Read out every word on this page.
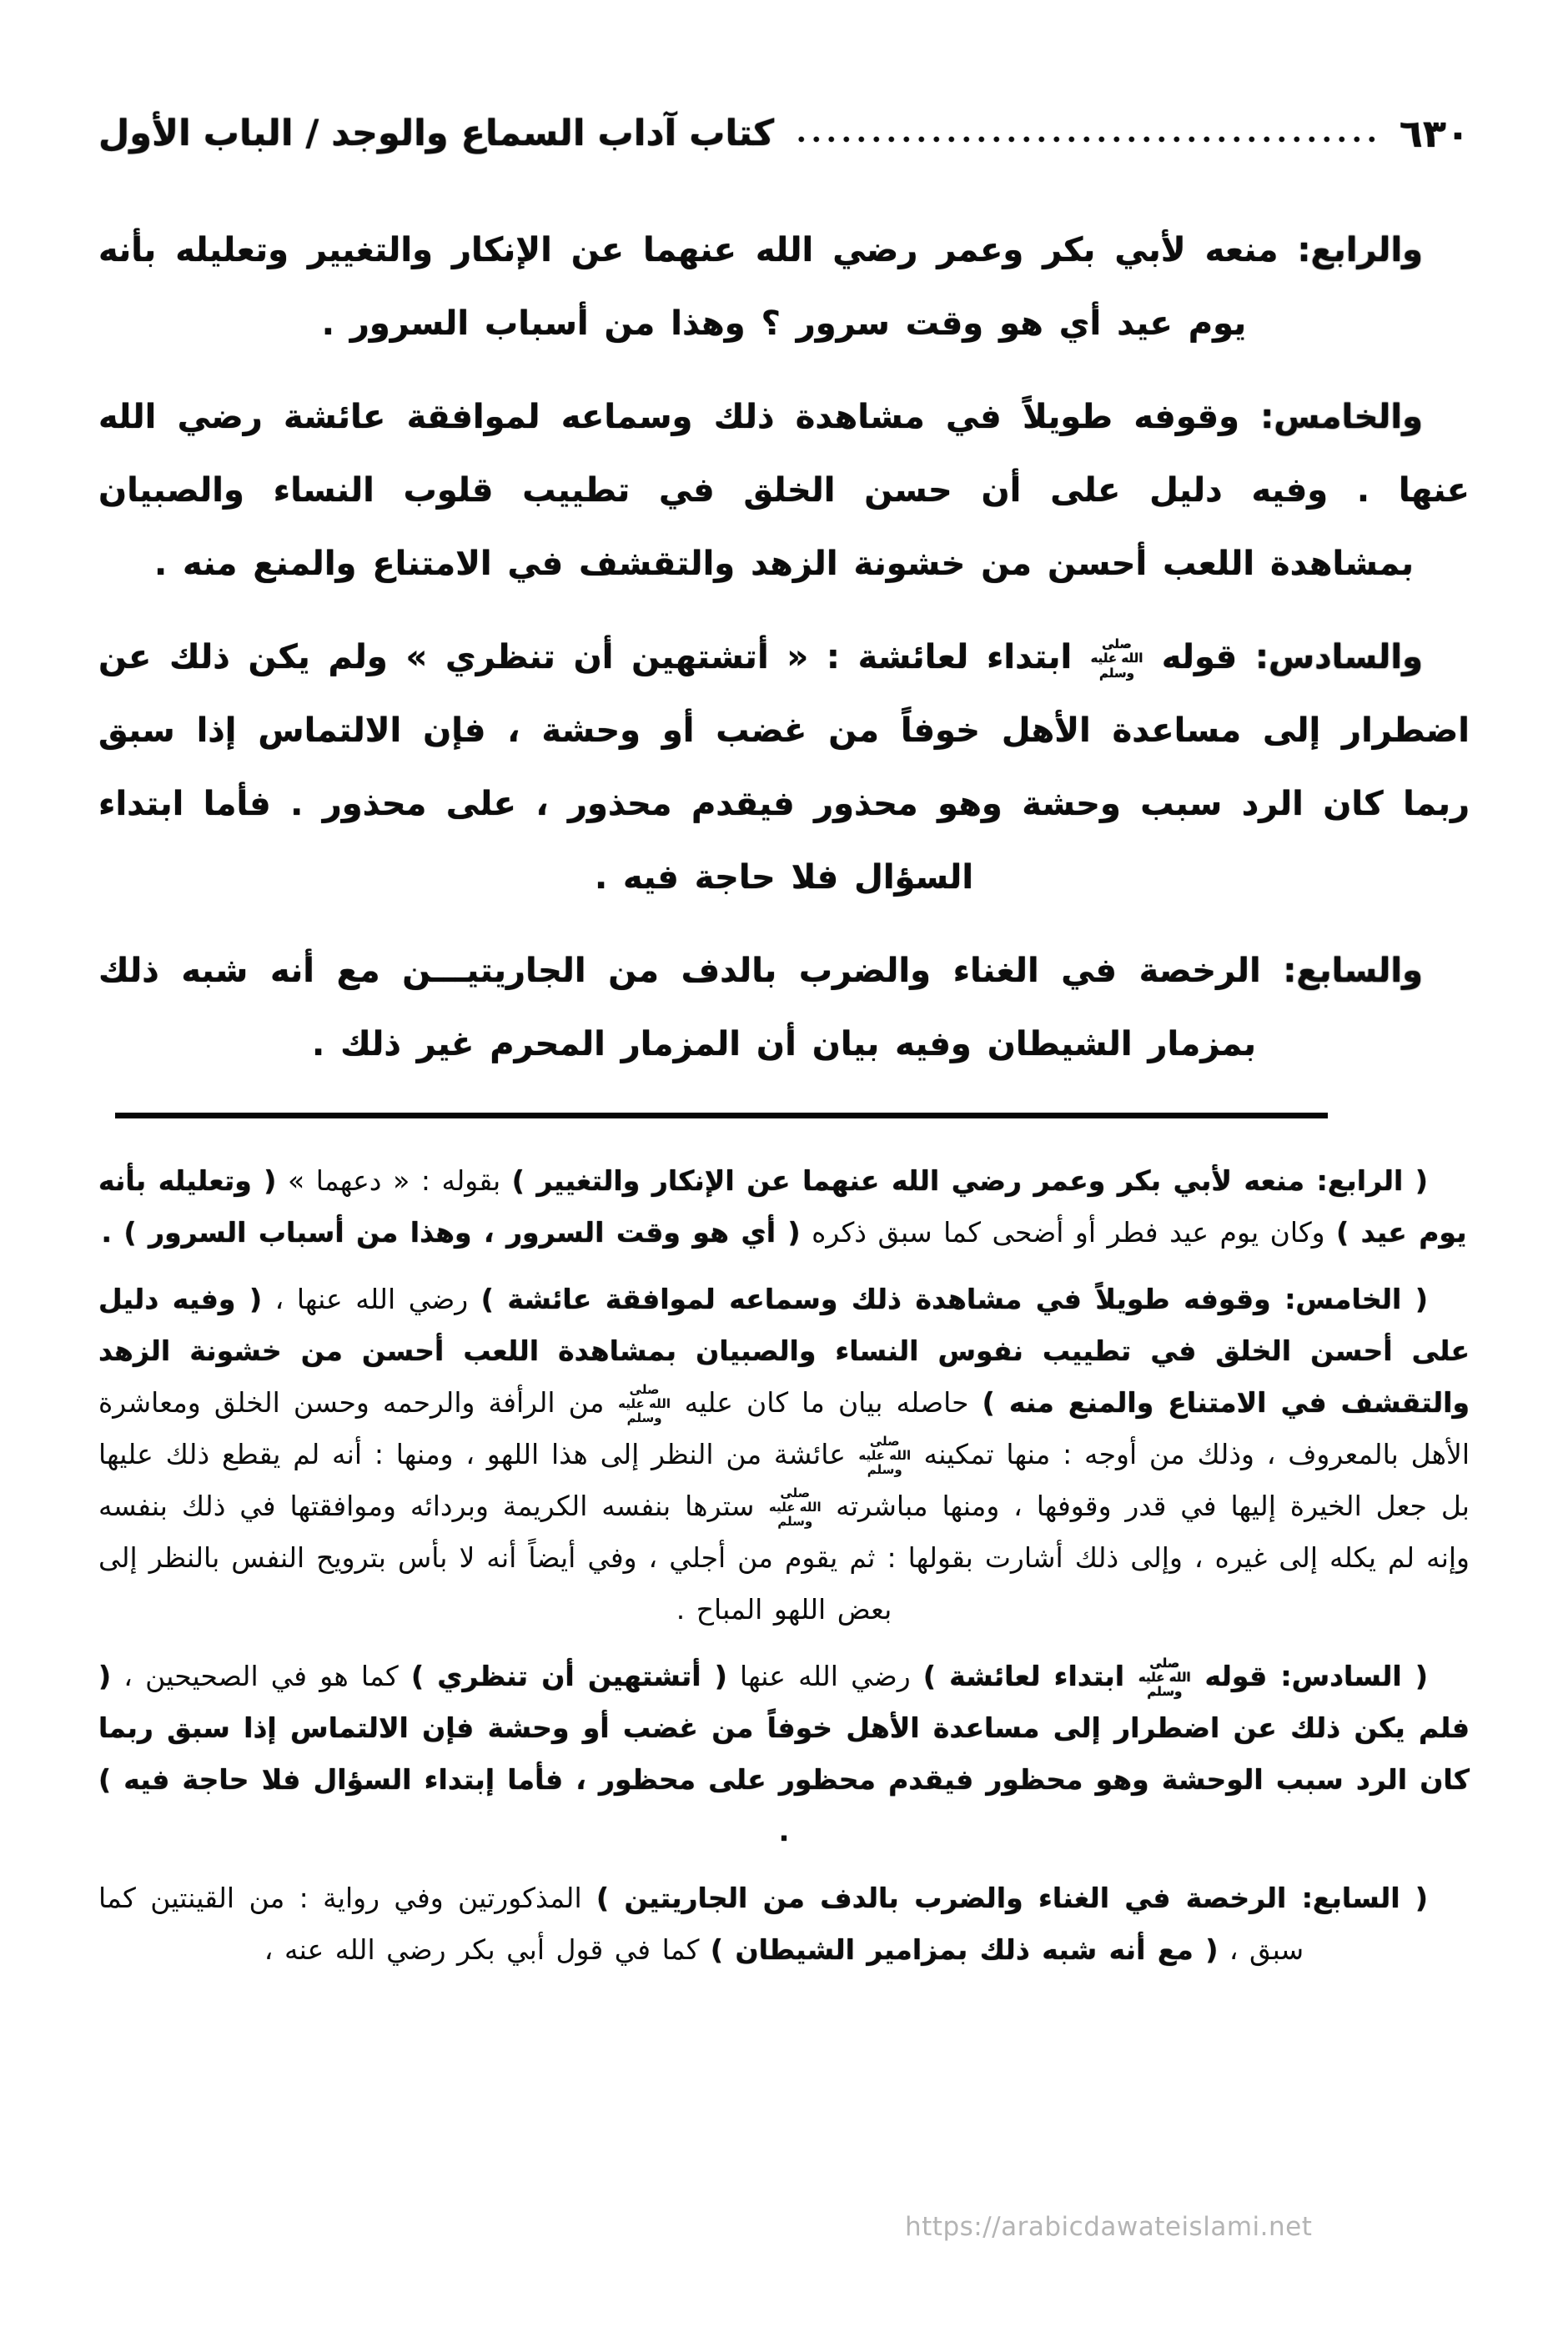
٦٣٠
كتاب آداب السماع والوجد / الباب الأول

والرابع: منعه لأبي بكر وعمر رضي الله عنهما عن الإنكار والتغيير وتعليله بأنه يوم عيد أي هو وقت سرور ؟ وهذا من أسباب السرور .

والخامس: وقوفه طويلاً في مشاهدة ذلك وسماعه لموافقة عائشة رضي الله عنها . وفيه دليل على أن حسن الخلق في تطييب قلوب النساء والصبيان بمشاهدة اللعب أحسن من خشونة الزهد والتقشف في الامتناع والمنع منه .

والسادس: قوله صلى الله عليه وسلم ابتداء لعائشة : « أتشتهين أن تنظري » ولم يكن ذلك عن اضطرار إلى مساعدة الأهل خوفاً من غضب أو وحشة ، فإن الالتماس إذا سبق ربما كان الرد سبب وحشة وهو محذور فيقدم محذور ، على محذور . فأما ابتداء السؤال فلا حاجة فيه .

والسابع: الرخصة في الغناء والضرب بالدف من الجاريتيـــن مع أنه شبه ذلك بمزمار الشيطان وفيه بيان أن المزمار المحرم غير ذلك .

( الرابع: منعه لأبي بكر وعمر رضي الله عنهما عن الإنكار والتغيير ) بقوله : « دعهما » ( وتعليله بأنه يوم عيد ) وكان يوم عيد فطر أو أضحى كما سبق ذكره ( أي هو وقت السرور ، وهذا من أسباب السرور ) .

( الخامس: وقوفه طويلاً في مشاهدة ذلك وسماعه لموافقة عائشة ) رضي الله عنها ، ( وفيه دليل على أحسن الخلق في تطييب نفوس النساء والصبيان بمشاهدة اللعب أحسن من خشونة الزهد والتقشف في الامتناع والمنع منه ) حاصله بيان ما كان عليه صلى الله عليه وسلم من الرأفة والرحمه وحسن الخلق ومعاشرة الأهل بالمعروف ، وذلك من أوجه : منها تمكينه صلى الله عليه وسلم عائشة من النظر إلى هذا اللهو ، ومنها : أنه لم يقطع ذلك عليها بل جعل الخيرة إليها في قدر وقوفها ، ومنها مباشرته صلى الله عليه وسلم سترها بنفسه الكريمة وبردائه وموافقتها في ذلك بنفسه وإنه لم يكله إلى غيره ، وإلى ذلك أشارت بقولها : ثم يقوم من أجلي ، وفي أيضاً أنه لا بأس بترويح النفس بالنظر إلى بعض اللهو المباح .

( السادس: قوله صلى الله عليه وسلم ابتداء لعائشة ) رضي الله عنها ( أتشتهين أن تنظري ) كما هو في الصحيحين ، ( فلم يكن ذلك عن اضطرار إلى مساعدة الأهل خوفاً من غضب أو وحشة فإن الالتماس إذا سبق ربما كان الرد سبب الوحشة وهو محظور فيقدم محظور على محظور ، فأما إبتداء السؤال فلا حاجة فيه ) .

( السابع: الرخصة في الغناء والضرب بالدف من الجاريتين ) المذكورتين وفي رواية : من القينتين كما سبق ، ( مع أنه شبه ذلك بمزامير الشيطان ) كما في قول أبي بكر رضي الله عنه ،

https://arabicdawateislami.net
